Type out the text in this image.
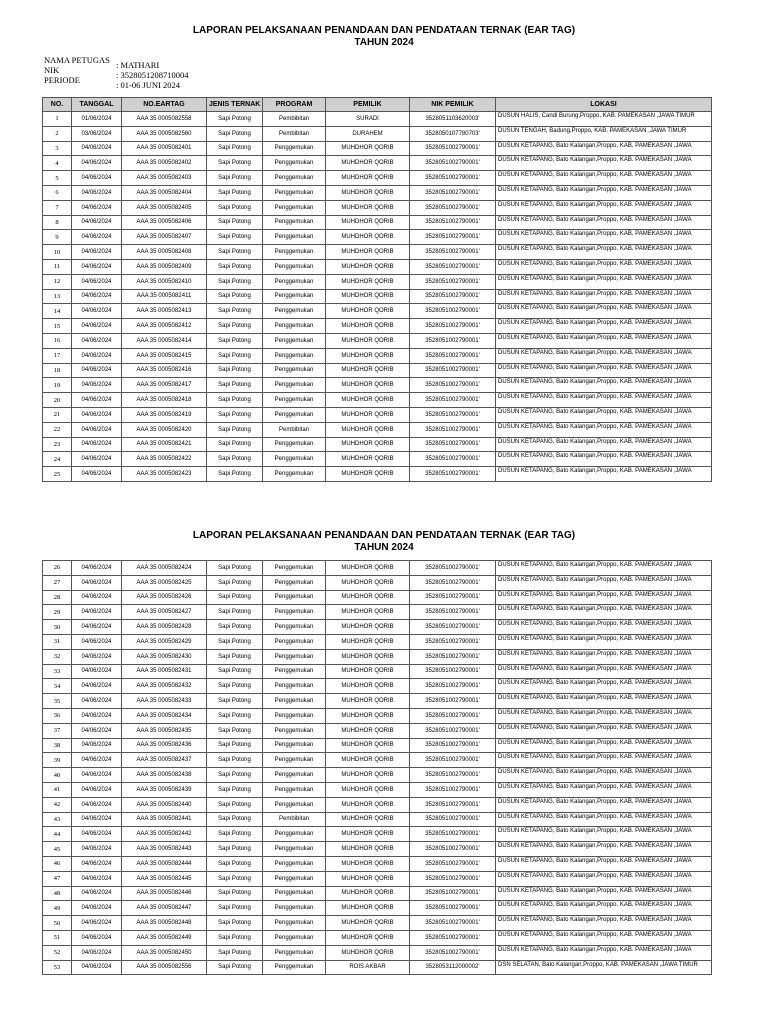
LAPORAN PELAKSANAAN PENANDAAN DAN PENDATAAN TERNAK (EAR TAG)
TAHUN 2024
NAMA PETUGAS : MATHARI
NIK	: 3528051208710004
PERIODE	: 01-06 JUNI 2024
NO.	TANGGAL	NO.EARTAG	JENIS TERNAK	PROGRAM	PEMILIK	NIK PEMILIK	LOKASI
1	01/06/2024	AAA 35 0005082558	Sapi Potong	Pembibitan	SURADI	3528051103620003'	DUSUN HALIS, Candi Burung,Proppo, KAB. PAMEKASAN ,JAWA TIMUR
2	03/06/2024	AAA 35 0005082560	Sapi Potong	Pembibitan	DURAHEM	3528050107780703'	DUSUN TENGAH, Badung,Proppo, KAB. PAMEKASAN ,JAWA TIMUR
3	04/06/2024	AAA 35 0005082401	Sapi Potong	Penggemukan	MUHDHOR QORIB	3528051002790001'	DUSUN KETAPANG, Bato Kalangan,Proppo, KAB. PAMEKASAN ,JAWA
4	04/06/2024	AAA 35 0005082402	Sapi Potong	Penggemukan	MUHDHOR QORIB	3528051002790001'	DUSUN KETAPANG, Bato Kalangan,Proppo, KAB. PAMEKASAN ,JAWA
5	04/06/2024	AAA 35 0005082403	Sapi Potong	Penggemukan	MUHDHOR QORIB	3528051002790001'	DUSUN KETAPANG, Bato Kalangan,Proppo, KAB. PAMEKASAN ,JAWA
6	04/06/2024	AAA 35 0005082404	Sapi Potong	Penggemukan	MUHDHOR QORIB	3528051002790001'	DUSUN KETAPANG, Bato Kalangan,Proppo, KAB. PAMEKASAN ,JAWA
7	04/06/2024	AAA 35 0005082405	Sapi Potong	Penggemukan	MUHDHOR QORIB	3528051002790001'	DUSUN KETAPANG, Bato Kalangan,Proppo, KAB. PAMEKASAN ,JAWA
8	04/06/2024	AAA 35 0005082406	Sapi Potong	Penggemukan	MUHDHOR QORIB	3528051002790001'	DUSUN KETAPANG, Bato Kalangan,Proppo, KAB. PAMEKASAN ,JAWA
9	04/06/2024	AAA 35 0005082407	Sapi Potong	Penggemukan	MUHDHOR QORIB	3528051002790001'	DUSUN KETAPANG, Bato Kalangan,Proppo, KAB. PAMEKASAN ,JAWA
10	04/06/2024	AAA 35 0005082408	Sapi Potong	Penggemukan	MUHDHOR QORIB	3528051002790001'	DUSUN KETAPANG, Bato Kalangan,Proppo, KAB. PAMEKASAN ,JAWA
11	04/06/2024	AAA 35 0005082409	Sapi Potong	Penggemukan	MUHDHOR QORIB	3528051002790001'	DUSUN KETAPANG, Bato Kalangan,Proppo, KAB. PAMEKASAN ,JAWA
12	04/06/2024	AAA 35 0005082410	Sapi Potong	Penggemukan	MUHDHOR QORIB	3528051002790001'	DUSUN KETAPANG, Bato Kalangan,Proppo, KAB. PAMEKASAN ,JAWA
13	04/06/2024	AAA 35 0005082411	Sapi Potong	Penggemukan	MUHDHOR QORIB	3528051002790001'	DUSUN KETAPANG, Bato Kalangan,Proppo, KAB. PAMEKASAN ,JAWA
14	04/06/2024	AAA 35 0005082413	Sapi Potong	Penggemukan	MUHDHOR QORIB	3528051002790001'	DUSUN KETAPANG, Bato Kalangan,Proppo, KAB. PAMEKASAN ,JAWA
15	04/06/2024	AAA 35 0005082412	Sapi Potong	Penggemukan	MUHDHOR QORIB	3528051002790001'	DUSUN KETAPANG, Bato Kalangan,Proppo, KAB. PAMEKASAN ,JAWA
16	04/06/2024	AAA 35 0005082414	Sapi Potong	Penggemukan	MUHDHOR QORIB	3528051002790001'	DUSUN KETAPANG, Bato Kalangan,Proppo, KAB. PAMEKASAN ,JAWA
17	04/06/2024	AAA 35 0005082415	Sapi Potong	Penggemukan	MUHDHOR QORIB	3528051002790001'	DUSUN KETAPANG, Bato Kalangan,Proppo, KAB. PAMEKASAN ,JAWA
18	04/06/2024	AAA 35 0005082416	Sapi Potong	Penggemukan	MUHDHOR QORIB	3528051002790001'	DUSUN KETAPANG, Bato Kalangan,Proppo, KAB. PAMEKASAN ,JAWA
19	04/06/2024	AAA 35 0005082417	Sapi Potong	Penggemukan	MUHDHOR QORIB	3528051002790001'	DUSUN KETAPANG, Bato Kalangan,Proppo, KAB. PAMEKASAN ,JAWA
20	04/06/2024	AAA 35 0005082418	Sapi Potong	Penggemukan	MUHDHOR QORIB	3528051002790001'	DUSUN KETAPANG, Bato Kalangan,Proppo, KAB. PAMEKASAN ,JAWA
21	04/06/2024	AAA 35 0005082419	Sapi Potong	Penggemukan	MUHDHOR QORIB	3528051002790001'	DUSUN KETAPANG, Bato Kalangan,Proppo, KAB. PAMEKASAN ,JAWA
22	04/06/2024	AAA 35 0005082420	Sapi Potong	Pembibitan	MUHDHOR QORIB	3528051002790001'	DUSUN KETAPANG, Bato Kalangan,Proppo, KAB. PAMEKASAN ,JAWA
23	04/06/2024	AAA 35 0005082421	Sapi Potong	Penggemukan	MUHDHOR QORIB	3528051002790001'	DUSUN KETAPANG, Bato Kalangan,Proppo, KAB. PAMEKASAN ,JAWA
24	04/06/2024	AAA 35 0005082422	Sapi Potong	Penggemukan	MUHDHOR QORIB	3528051002790001'	DUSUN KETAPANG, Bato Kalangan,Proppo, KAB. PAMEKASAN ,JAWA
25	04/06/2024	AAA 35 0005082423	Sapi Potong	Penggemukan	MUHDHOR QORIB	3528051002790001'	DUSUN KETAPANG, Bato Kalangan,Proppo, KAB. PAMEKASAN ,JAWA
LAPORAN PELAKSANAAN PENANDAAN DAN PENDATAAN TERNAK (EAR TAG)
TAHUN 2024
26	04/06/2024	AAA 35 0005082424	Sapi Potong	Penggemukan	MUHDHOR QORIB	3528051002790001'	DUSUN KETAPANG, Bato Kalangan,Proppo, KAB. PAMEKASAN ,JAWA
27	04/06/2024	AAA 35 0005082425	Sapi Potong	Penggemukan	MUHDHOR QORIB	3528051002790001'	DUSUN KETAPANG, Bato Kalangan,Proppo, KAB. PAMEKASAN ,JAWA
28	04/06/2024	AAA 35 0005082426	Sapi Potong	Penggemukan	MUHDHOR QORIB	3528051002790001'	DUSUN KETAPANG, Bato Kalangan,Proppo, KAB. PAMEKASAN ,JAWA
29	04/06/2024	AAA 35 0005082427	Sapi Potong	Penggemukan	MUHDHOR QORIB	3528051002790001'	DUSUN KETAPANG, Bato Kalangan,Proppo, KAB. PAMEKASAN ,JAWA
30	04/06/2024	AAA 35 0005082428	Sapi Potong	Penggemukan	MUHDHOR QORIB	3528051002790001'	DUSUN KETAPANG, Bato Kalangan,Proppo, KAB. PAMEKASAN ,JAWA
31	04/06/2024	AAA 35 0005082429	Sapi Potong	Penggemukan	MUHDHOR QORIB	3528051002790001'	DUSUN KETAPANG, Bato Kalangan,Proppo, KAB. PAMEKASAN ,JAWA
32	04/06/2024	AAA 35 0005082430	Sapi Potong	Penggemukan	MUHDHOR QORIB	3528051002790001'	DUSUN KETAPANG, Bato Kalangan,Proppo, KAB. PAMEKASAN ,JAWA
33	04/06/2024	AAA 35 0005082431	Sapi Potong	Penggemukan	MUHDHOR QORIB	3528051002790001'	DUSUN KETAPANG, Bato Kalangan,Proppo, KAB. PAMEKASAN ,JAWA
34	04/06/2024	AAA 35 0005082432	Sapi Potong	Penggemukan	MUHDHOR QORIB	3528051002790001'	DUSUN KETAPANG, Bato Kalangan,Proppo, KAB. PAMEKASAN ,JAWA
35	04/06/2024	AAA 35 0005082433	Sapi Potong	Penggemukan	MUHDHOR QORIB	3528051002790001'	DUSUN KETAPANG, Bato Kalangan,Proppo, KAB. PAMEKASAN ,JAWA
36	04/06/2024	AAA 35 0005082434	Sapi Potong	Penggemukan	MUHDHOR QORIB	3528051002790001'	DUSUN KETAPANG, Bato Kalangan,Proppo, KAB. PAMEKASAN ,JAWA
37	04/06/2024	AAA 35 0005082435	Sapi Potong	Penggemukan	MUHDHOR QORIB	3528051002790001'	DUSUN KETAPANG, Bato Kalangan,Proppo, KAB. PAMEKASAN ,JAWA
38	04/06/2024	AAA 35 0005082436	Sapi Potong	Penggemukan	MUHDHOR QORIB	3528051002790001'	DUSUN KETAPANG, Bato Kalangan,Proppo, KAB. PAMEKASAN ,JAWA
39	04/06/2024	AAA 35 0005082437	Sapi Potong	Penggemukan	MUHDHOR QORIB	3528051002790001'	DUSUN KETAPANG, Bato Kalangan,Proppo, KAB. PAMEKASAN ,JAWA
40	04/06/2024	AAA 35 0005082438	Sapi Potong	Penggemukan	MUHDHOR QORIB	3528051002790001'	DUSUN KETAPANG, Bato Kalangan,Proppo, KAB. PAMEKASAN ,JAWA
41	04/06/2024	AAA 35 0005082439	Sapi Potong	Penggemukan	MUHDHOR QORIB	3528051002790001'	DUSUN KETAPANG, Bato Kalangan,Proppo, KAB. PAMEKASAN ,JAWA
42	04/06/2024	AAA 35 0005082440	Sapi Potong	Penggemukan	MUHDHOR QORIB	3528051002790001'	DUSUN KETAPANG, Bato Kalangan,Proppo, KAB. PAMEKASAN ,JAWA
43	04/06/2024	AAA 35 0005082441	Sapi Potong	Pembibitan	MUHDHOR QORIB	3528051002790001'	DUSUN KETAPANG, Bato Kalangan,Proppo, KAB. PAMEKASAN ,JAWA
44	04/06/2024	AAA 35 0005082442	Sapi Potong	Penggemukan	MUHDHOR QORIB	3528051002790001'	DUSUN KETAPANG, Bato Kalangan,Proppo, KAB. PAMEKASAN ,JAWA
45	04/06/2024	AAA 35 0005082443	Sapi Potong	Penggemukan	MUHDHOR QORIB	3528051002790001'	DUSUN KETAPANG, Bato Kalangan,Proppo, KAB. PAMEKASAN ,JAWA
46	04/06/2024	AAA 35 0005082444	Sapi Potong	Penggemukan	MUHDHOR QORIB	3528051002790001'	DUSUN KETAPANG, Bato Kalangan,Proppo, KAB. PAMEKASAN ,JAWA
47	04/06/2024	AAA 35 0005082445	Sapi Potong	Penggemukan	MUHDHOR QORIB	3528051002790001'	DUSUN KETAPANG, Bato Kalangan,Proppo, KAB. PAMEKASAN ,JAWA
48	04/06/2024	AAA 35 0005082446	Sapi Potong	Penggemukan	MUHDHOR QORIB	3528051002790001'	DUSUN KETAPANG, Bato Kalangan,Proppo, KAB. PAMEKASAN ,JAWA
49	04/06/2024	AAA 35 0005082447	Sapi Potong	Penggemukan	MUHDHOR QORIB	3528051002790001'	DUSUN KETAPANG, Bato Kalangan,Proppo, KAB. PAMEKASAN ,JAWA
50	04/06/2024	AAA 35 0005082448	Sapi Potong	Penggemukan	MUHDHOR QORIB	3528051002790001'	DUSUN KETAPANG, Bato Kalangan,Proppo, KAB. PAMEKASAN ,JAWA
51	04/06/2024	AAA 35 0005082449	Sapi Potong	Penggemukan	MUHDHOR QORIB	3528051002790001'	DUSUN KETAPANG, Bato Kalangan,Proppo, KAB. PAMEKASAN ,JAWA
52	04/06/2024	AAA 35 0005082450	Sapi Potong	Penggemukan	MUHDHOR QORIB	3528051002790001'	DUSUN KETAPANG, Bato Kalangan,Proppo, KAB. PAMEKASAN ,JAWA
53	04/06/2024	AAA 35 0005082556	Sapi Potong	Penggemukan	ROIS AKBAR	3528053112000002'	DSN SELATAN, Bato Kalangan,Proppo, KAB. PAMEKASAN ,JAWA TIMUR
